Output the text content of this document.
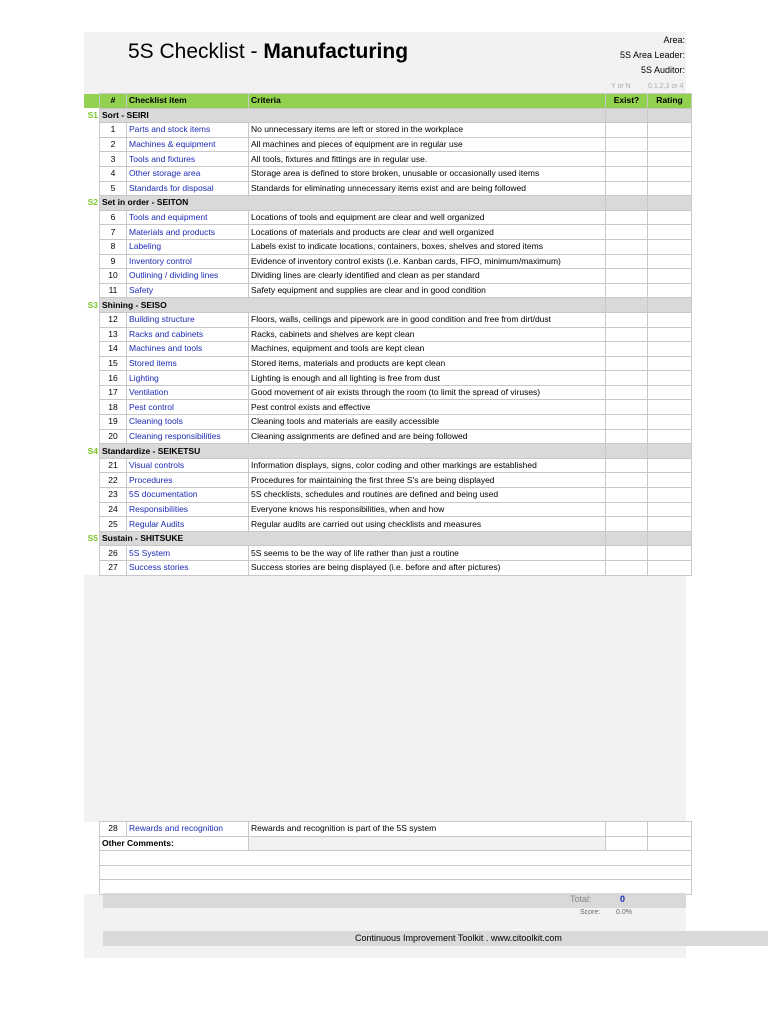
5S Checklist - Manufacturing	Area:
5S Area Leader:
5S Auditor:
Y or N 0,1,2,3 or 4
	#	Checklist item	Criteria	Exist?	Rating
S1	Sort - SEIRI				
	1	Parts and stock items	No unnecessary items are left or stored in the workplace		
	2	Machines & equipment	All machines and pieces of equipment are in regular use		
	3	Tools and fixtures	All tools, fixtures and fittings are in regular use.		
	4	Other storage area	Storage area is defined to store broken, unusable or occasionally used items		
	5	Standards for disposal	Standards for eliminating unnecessary items exist and are being followed		
S2	Set in order - SEITON				
	6	Tools and equipment	Locations of tools and equipment are clear and well organized		
	7	Materials and products	Locations of materials and products are clear and well organized		
	8	Labeling	Labels exist to indicate locations, containers, boxes, shelves and stored items		
	9	Inventory control	Evidence of inventory control exists (i.e. Kanban cards, FIFO, minimum/maximum)		
	10	Outlining / dividing lines	Dividing lines are clearly identified and clean as per standard		
	11	Safety	Safety equipment and supplies are clear and in good condition		
S3	Shining - SEISO				
	12	Building structure	Floors, walls, ceilings and pipework are in good condition and free from dirt/dust		
	13	Racks and cabinets	Racks, cabinets and shelves are kept clean		
	14	Machines and tools	Machines, equipment and tools are kept clean		
	15	Stored items	Stored items, materials and products are kept clean		
	16	Lighting	Lighting is enough and all lighting is free from dust		
	17	Ventilation	Good movement of air exists through the room (to limit the spread of viruses)		
	18	Pest control	Pest control exists and effective		
	19	Cleaning tools	Cleaning tools and materials are easily accessible		
	20	Cleaning responsibilities	Cleaning assignments are defined and are being followed		
S4	Standardize - SEIKETSU				
	21	Visual controls	Information displays, signs, color coding and other markings are established		
	22	Procedures	Procedures for maintaining the first three S's are being displayed		
	23	5S documentation	5S checklists, schedules and routines are defined and being used		
	24	Responsibilities	Everyone knows his responsibilities, when and how		
	25	Regular Audits	Regular audits are carried out using checklists and measures		
S5	Sustain - SHITSUKE				
	26	5S System	5S seems to be the way of life rather than just a routine		
	27	Success stories	Success stories are being displayed (i.e. before and after pictures)		
	28	Rewards and recognition	Rewards and recognition is part of the 5S system		
	Other Comments:				

Total:	0
Score: 0.0%
Continuous Improvement Toolkit . www.citoolkit.com
